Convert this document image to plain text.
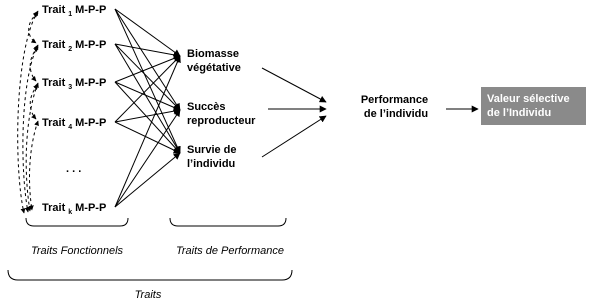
Trait $_1$ M-P-P
Trait $_2$ M-P-P
Trait $_3$ M-P-P
Trait $_4$ M-P-P
. . .
Trait $_k$ M-P-P
Biomasse végétative
Succès reproducteur
Survie de l’individu
Performance de l’individu
Valeur sélective de l’Individu
Traits Fonctionnels	Traits de Performance
Traits
